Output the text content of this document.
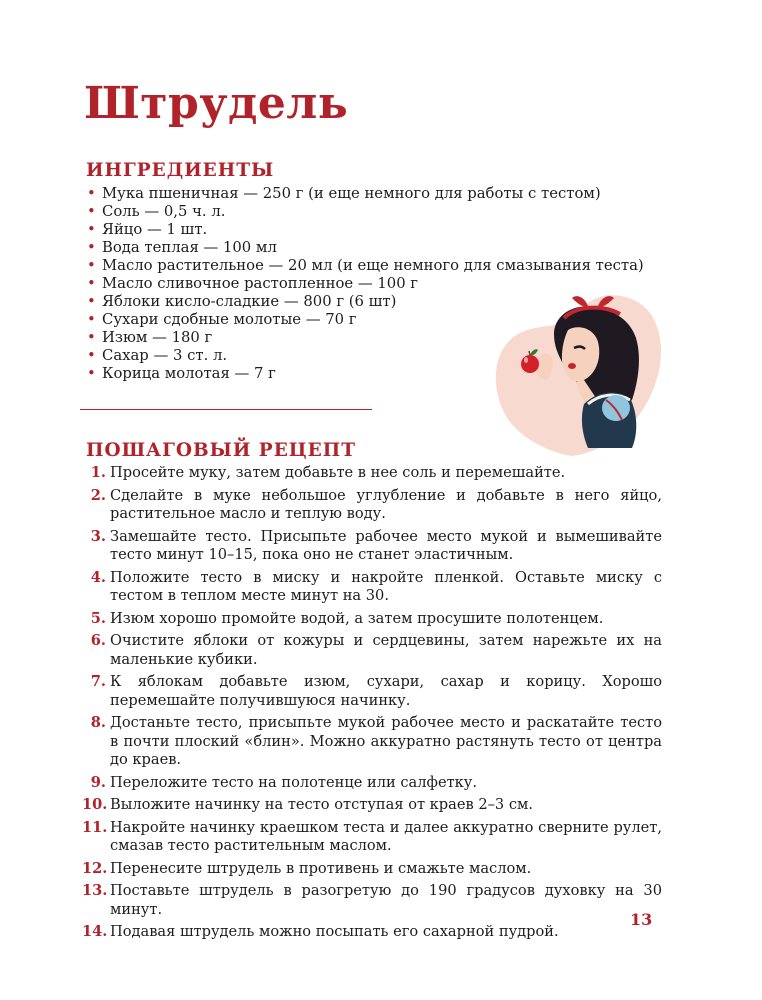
Штрудель
ИНГРЕДИЕНТЫ
• Мука пшеничная — 250 г (и еще немного для работы с тестом)
• Соль — 0,5 ч. л.
• Яйцо — 1 шт.
• Вода теплая — 100 мл
• Масло растительное — 20 мл (и еще немного для смазывания теста)
• Масло сливочное растопленное — 100 г
• Яблоки кисло-сладкие — 800 г (6 шт)
• Сухари сдобные молотые — 70 г
• Изюм — 180 г
• Сахар — 3 ст. л.
• Корица молотая — 7 г
ПОШАГОВЫЙ РЕЦЕПТ
1. Просейте муку, затем добавьте в нее соль и перемешайте.
2. Сделайте в муке небольшое углубление и добавьте в него яйцо, растительное масло и теплую воду.
3. Замешайте тесто. Присыпьте рабочее место мукой и вымешивайте тесто минут 10–15, пока оно не станет эластичным.
4. Положите тесто в миску и накройте пленкой. Оставьте миску с тестом в теплом месте минут на 30.
5. Изюм хорошо промойте водой, а затем просушите полотенцем.
6. Очистите яблоки от кожуры и сердцевины, затем нарежьте их на маленькие кубики.
7. К яблокам добавьте изюм, сухари, сахар и корицу. Хорошо перемешайте получившуюся начинку.
8. Достаньте тесто, присыпьте мукой рабочее место и раскатайте тесто в почти плоский «блин». Можно аккуратно растянуть тесто от центра до краев.
9. Переложите тесто на полотенце или салфетку.
10. Выложите начинку на тесто отступая от краев 2–3 см.
11. Накройте начинку краешком теста и далее аккуратно сверните рулет, смазав тесто растительным маслом.
12. Перенесите штрудель в противень и смажьте маслом.
13. Поставьте штрудель в разогретую до 190 градусов духовку на 30 минут.
14. Подавая штрудель можно посыпать его сахарной пудрой.
13
